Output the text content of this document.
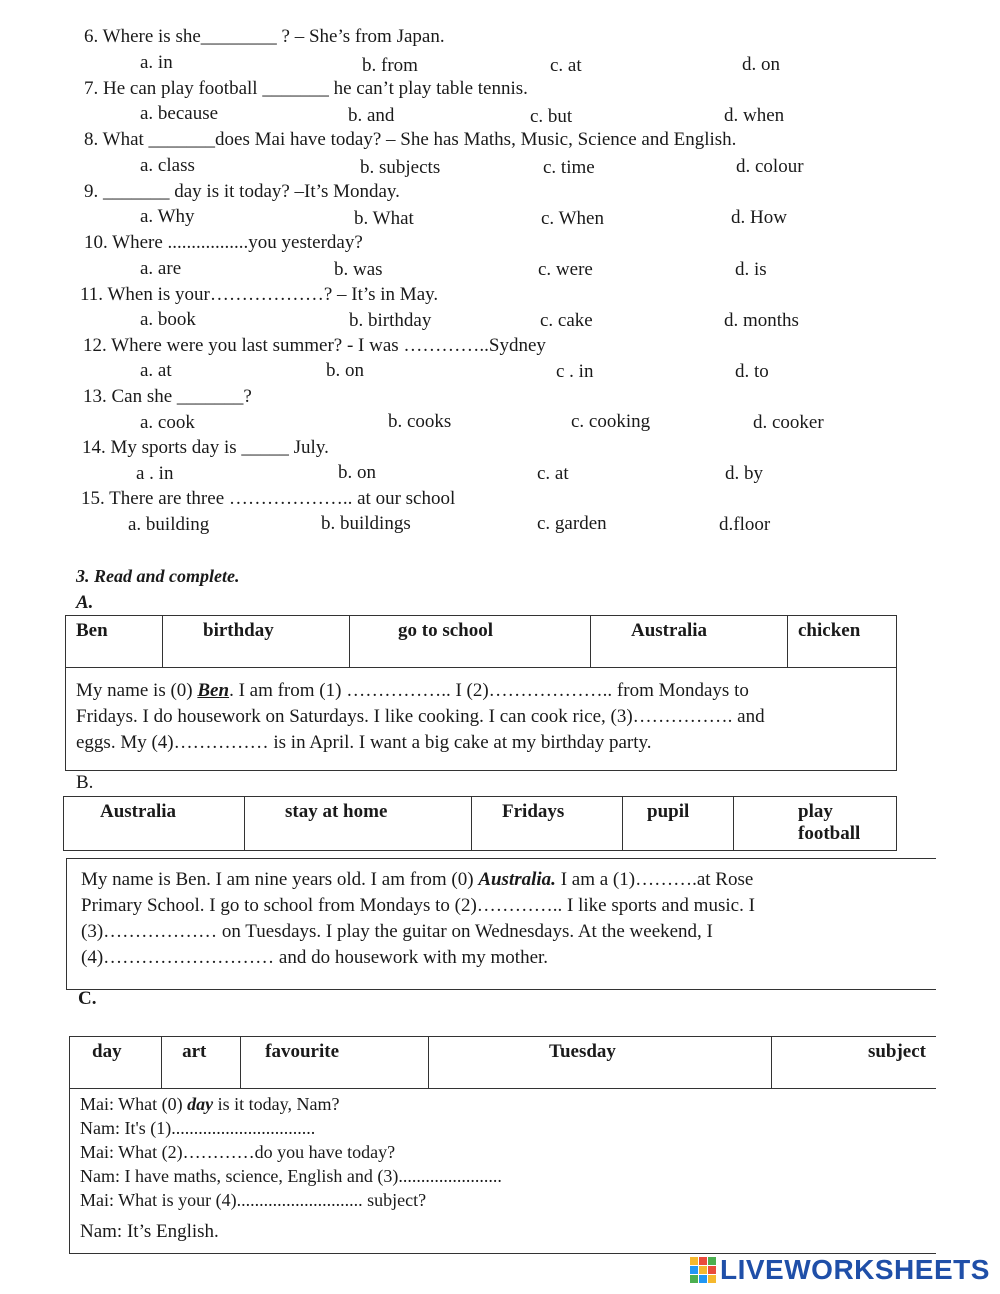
6. Where is she________ ? – She’s from Japan.
a. in	b. from	c. at	d. on
7. He can play football _______ he can’t play table tennis.
a. because	b. and	c. but	d. when
8. What _______does Mai have today? – She has Maths, Music, Science and English.
a. class	b. subjects	c. time	d. colour
9. _______ day is it today? –It’s Monday.
a. Why	b. What	c. When	d. How
10. Where .................you yesterday?
a. are	b. was	c. were	d. is
11. When is your………………? – It’s in May.
a. book	b. birthday	c. cake	d. months
12. Where were you last summer? - I was …………..Sydney
a. at	b. on	c . in	d. to
13. Can she _______?
a. cook	b. cooks	c. cooking	d. cooker
14. My sports day is _____ July.
a . in	b. on	c. at	d. by
15. There are three ……………….. at our school
a. building	b. buildings	c. garden	d.floor
3. Read and complete.
A.
Ben	birthday	go to school	Australia	chicken
My name is (0) Ben. I am from (1) …………….. I (2)……………….. from Mondays to
Fridays. I do housework on Saturdays. I like cooking. I can cook rice, (3)……………. and
eggs. My (4)…………… is in April. I want a big cake at my birthday party.
B.
Australia	stay at home	Fridays	pupil	play football
My name is Ben. I am nine years old. I am from (0) Australia. I am a (1)……….at Rose
Primary School. I go to school from Mondays to (2)………….. I like sports and music. I
(3)……………… on Tuesdays. I play the guitar on Wednesdays. At the weekend, I
(4)……………………… and do housework with my mother.
C.
day	art	favourite	Tuesday	subject
Mai: What (0) day is it today, Nam?
Nam: It's (1)................................
Mai: What (2)…………do you have today?
Nam: I have maths, science, English and (3).......................
Mai: What is your (4)............................ subject?
Nam: It’s English.
LIVEWORKSHEETS
